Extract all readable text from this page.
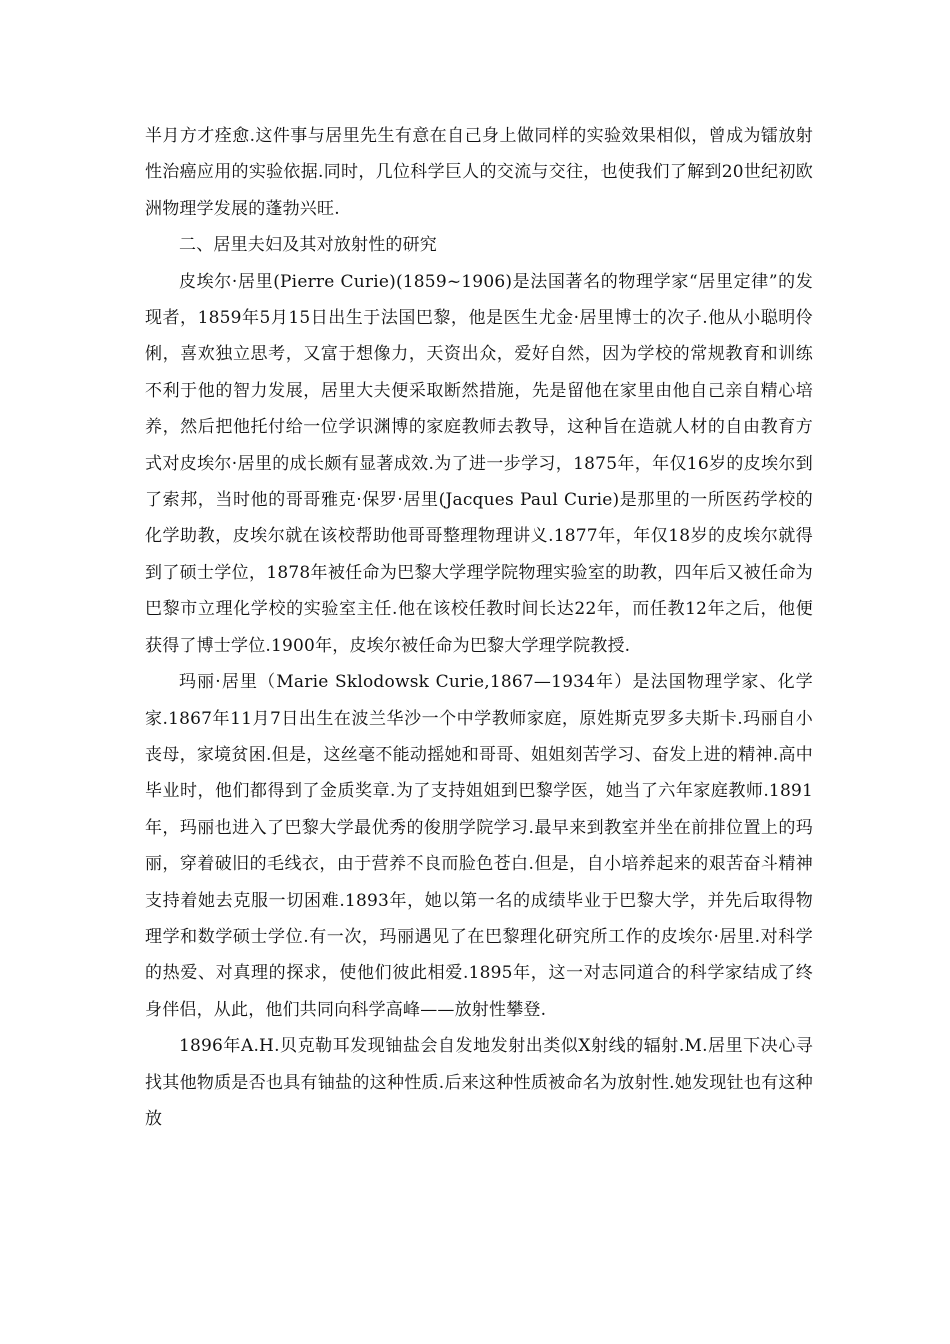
半月方才痊愈.这件事与居里先生有意在自己身上做同样的实验效果相似，曾成为镭放射性治癌应用的实验依据.同时，几位科学巨人的交流与交往，也使我们了解到20世纪初欧洲物理学发展的蓬勃兴旺.

二、居里夫妇及其对放射性的研究

皮埃尔·居里(Pierre Curie)(1859~1906)是法国著名的物理学家“居里定律”的发现者，1859年5月15日出生于法国巴黎，他是医生尤金·居里博士的次子.他从小聪明伶俐，喜欢独立思考，又富于想像力，天资出众，爱好自然，因为学校的常规教育和训练不利于他的智力发展，居里大夫便采取断然措施，先是留他在家里由他自己亲自精心培养，然后把他托付给一位学识渊博的家庭教师去教导，这种旨在造就人材的自由教育方式对皮埃尔·居里的成长颇有显著成效.为了进一步学习，1875年，年仅16岁的皮埃尔到了索邦，当时他的哥哥雅克·保罗·居里(Jacques Paul Curie)是那里的一所医药学校的化学助教，皮埃尔就在该校帮助他哥哥整理物理讲义.1877年，年仅18岁的皮埃尔就得到了硕士学位，1878年被任命为巴黎大学理学院物理实验室的助教，四年后又被任命为巴黎市立理化学校的实验室主任.他在该校任教时间长达22年，而任教12年之后，他便获得了博士学位.1900年，皮埃尔被任命为巴黎大学理学院教授.

玛丽·居里（Marie Sklodowsk Curie,1867—1934年）是法国物理学家、化学家.1867年11月7日出生在波兰华沙一个中学教师家庭，原姓斯克罗多夫斯卡.玛丽自小丧母，家境贫困.但是，这丝毫不能动摇她和哥哥、姐姐刻苦学习、奋发上进的精神.高中毕业时，他们都得到了金质奖章.为了支持姐姐到巴黎学医，她当了六年家庭教师.1891年，玛丽也进入了巴黎大学最优秀的俊朋学院学习.最早来到教室并坐在前排位置上的玛丽，穿着破旧的毛线衣，由于营养不良而脸色苍白.但是，自小培养起来的艰苦奋斗精神支持着她去克服一切困难.1893年，她以第一名的成绩毕业于巴黎大学，并先后取得物理学和数学硕士学位.有一次，玛丽遇见了在巴黎理化研究所工作的皮埃尔·居里.对科学的热爱、对真理的探求，使他们彼此相爱.1895年，这一对志同道合的科学家结成了终身伴侣，从此，他们共同向科学高峰——放射性攀登.

1896年A.H.贝克勒耳发现铀盐会自发地发射出类似X射线的辐射.M.居里下决心寻找其他物质是否也具有铀盐的这种性质.后来这种性质被命名为放射性.她发现钍也有这种放
